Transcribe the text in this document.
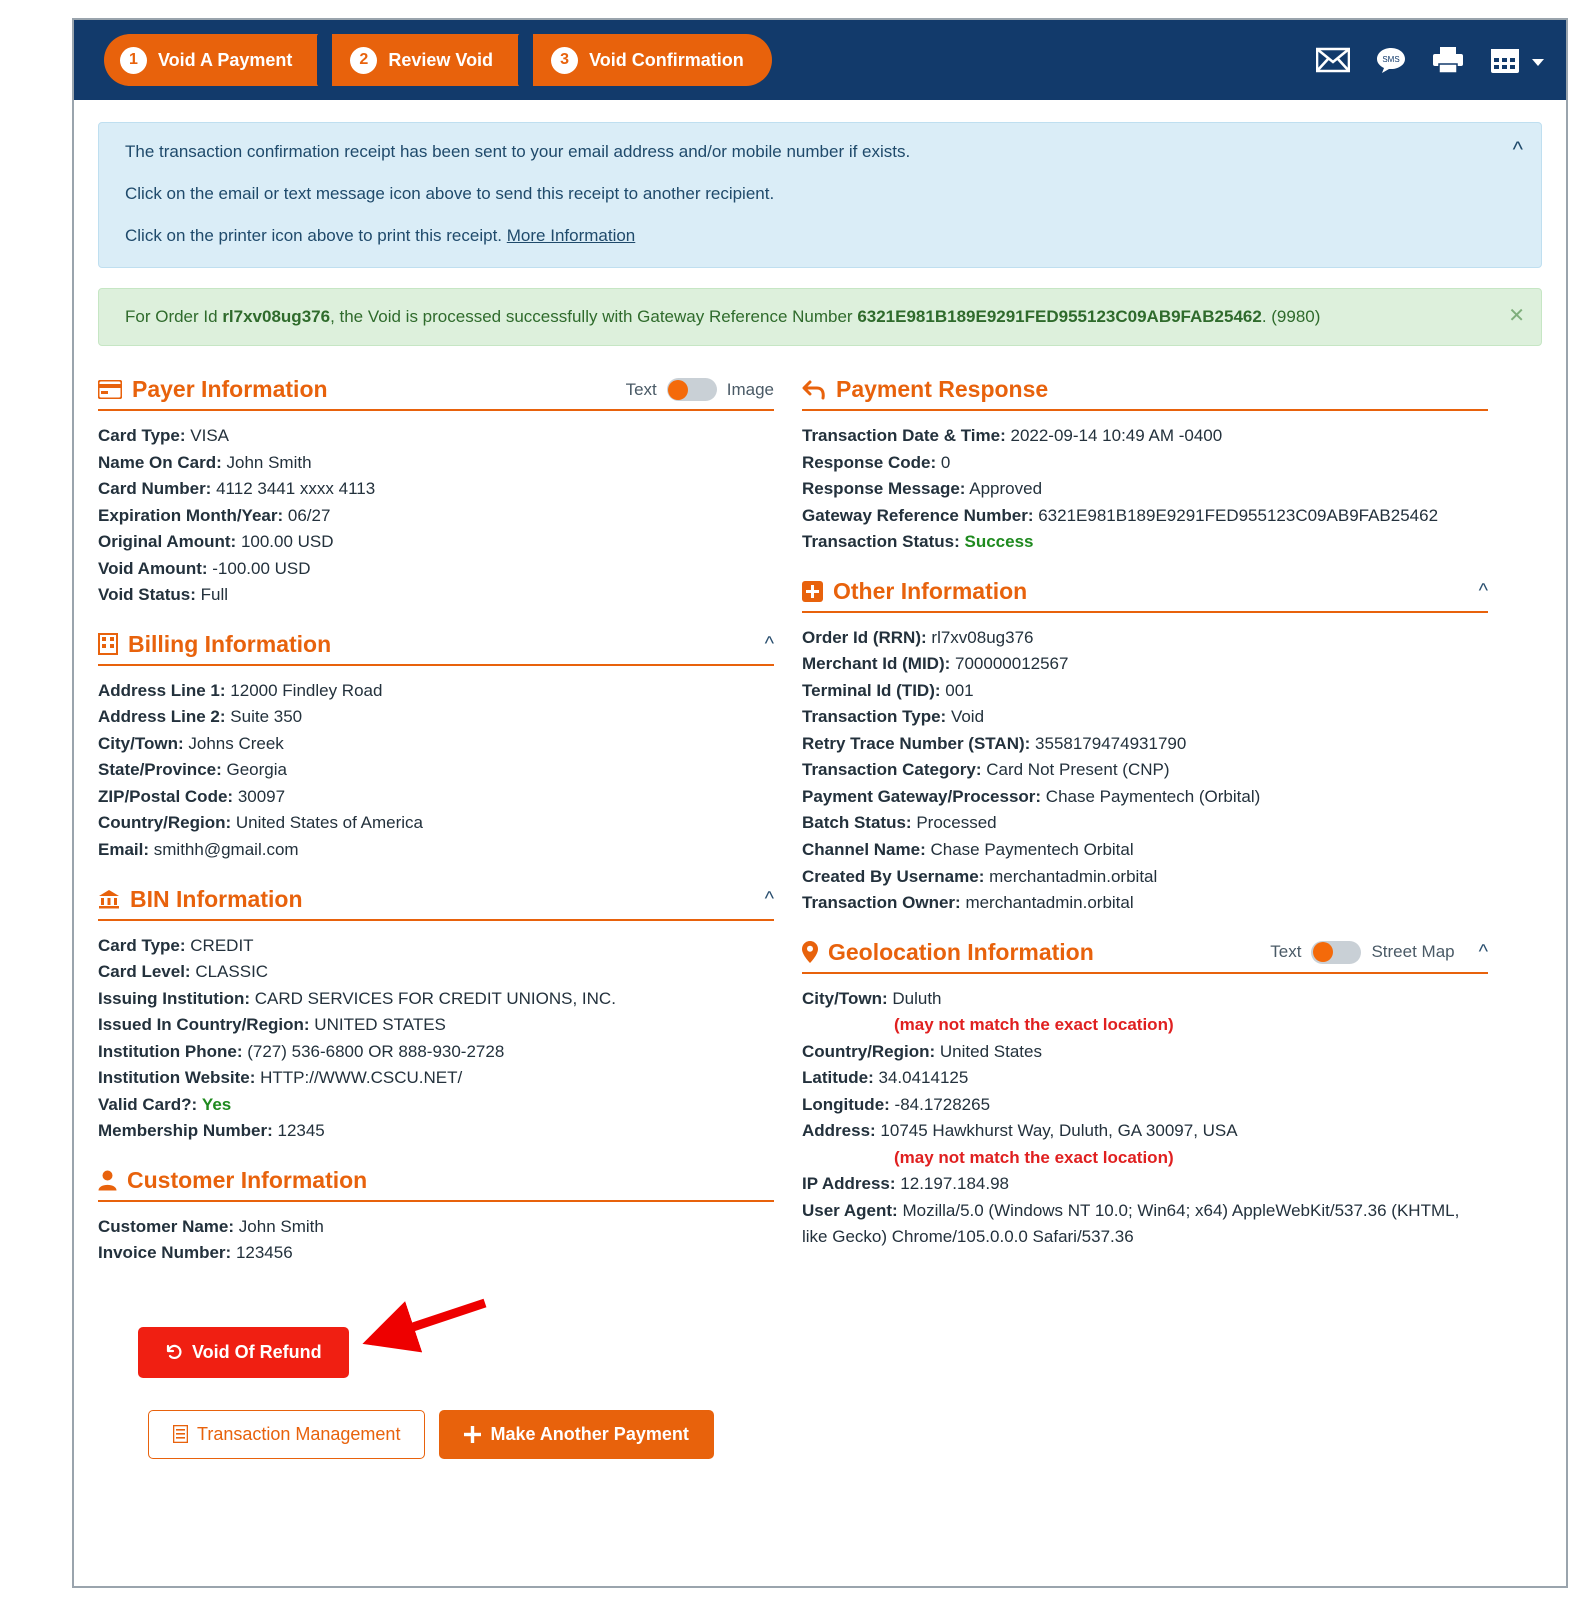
1	Void A Payment	2	Review Void	3	Void Confirmation	SMS
^

The transaction confirmation receipt has been sent to your email address and/or mobile number if exists.

Click on the email or text message icon above to send this receipt to another recipient.

Click on the printer icon above to print this receipt. More Information

✕
For Order Id rl7xv08ug376, the Void is processed successfully with Gateway Reference Number 6321E981B189E9291FED955123C09AB9FAB25462. (9980)
Payer Information	Text	Image
Card Type: VISA
Name On Card: John Smith
Card Number: 4112 3441 xxxx 4113
Expiration Month/Year: 06/27
Original Amount: 100.00 USD
Void Amount: -100.00 USD
Void Status: Full
Billing Information	^
Address Line 1: 12000 Findley Road
Address Line 2: Suite 350
City/Town: Johns Creek
State/Province: Georgia
ZIP/Postal Code: 30097
Country/Region: United States of America
Email: smithh@gmail.com
BIN Information	^
Card Type: CREDIT
Card Level: CLASSIC
Issuing Institution: CARD SERVICES FOR CREDIT UNIONS, INC.
Issued In Country/Region: UNITED STATES
Institution Phone: (727) 536-6800 OR 888-930-2728
Institution Website: HTTP://WWW.CSCU.NET/
Valid Card?: Yes
Membership Number: 12345
Customer Information
Customer Name: John Smith
Invoice Number: 123456
Payment Response
Transaction Date & Time: 2022-09-14 10:49 AM -0400
Response Code: 0
Response Message: Approved
Gateway Reference Number: 6321E981B189E9291FED955123C09AB9FAB25462
Transaction Status: Success
Other Information	^
Order Id (RRN): rl7xv08ug376
Merchant Id (MID): 700000012567
Terminal Id (TID): 001
Transaction Type: Void
Retry Trace Number (STAN): 3558179474931790
Transaction Category: Card Not Present (CNP)
Payment Gateway/Processor: Chase Paymentech (Orbital)
Batch Status: Processed
Channel Name: Chase Paymentech Orbital
Created By Username: merchantadmin.orbital
Transaction Owner: merchantadmin.orbital
Geolocation Information	Text	Street Map ^
City/Town: Duluth
(may not match the exact location)
Country/Region: United States
Latitude: 34.0414125
Longitude: -84.1728265
Address: 10745 Hawkhurst Way, Duluth, GA 30097, USA
(may not match the exact location)
IP Address: 12.197.184.98
User Agent: Mozilla/5.0 (Windows NT 10.0; Win64; x64) AppleWebKit/537.36 (KHTML, like Gecko) Chrome/105.0.0.0 Safari/537.36
Void Of Refund
Transaction Management	Make Another Payment
